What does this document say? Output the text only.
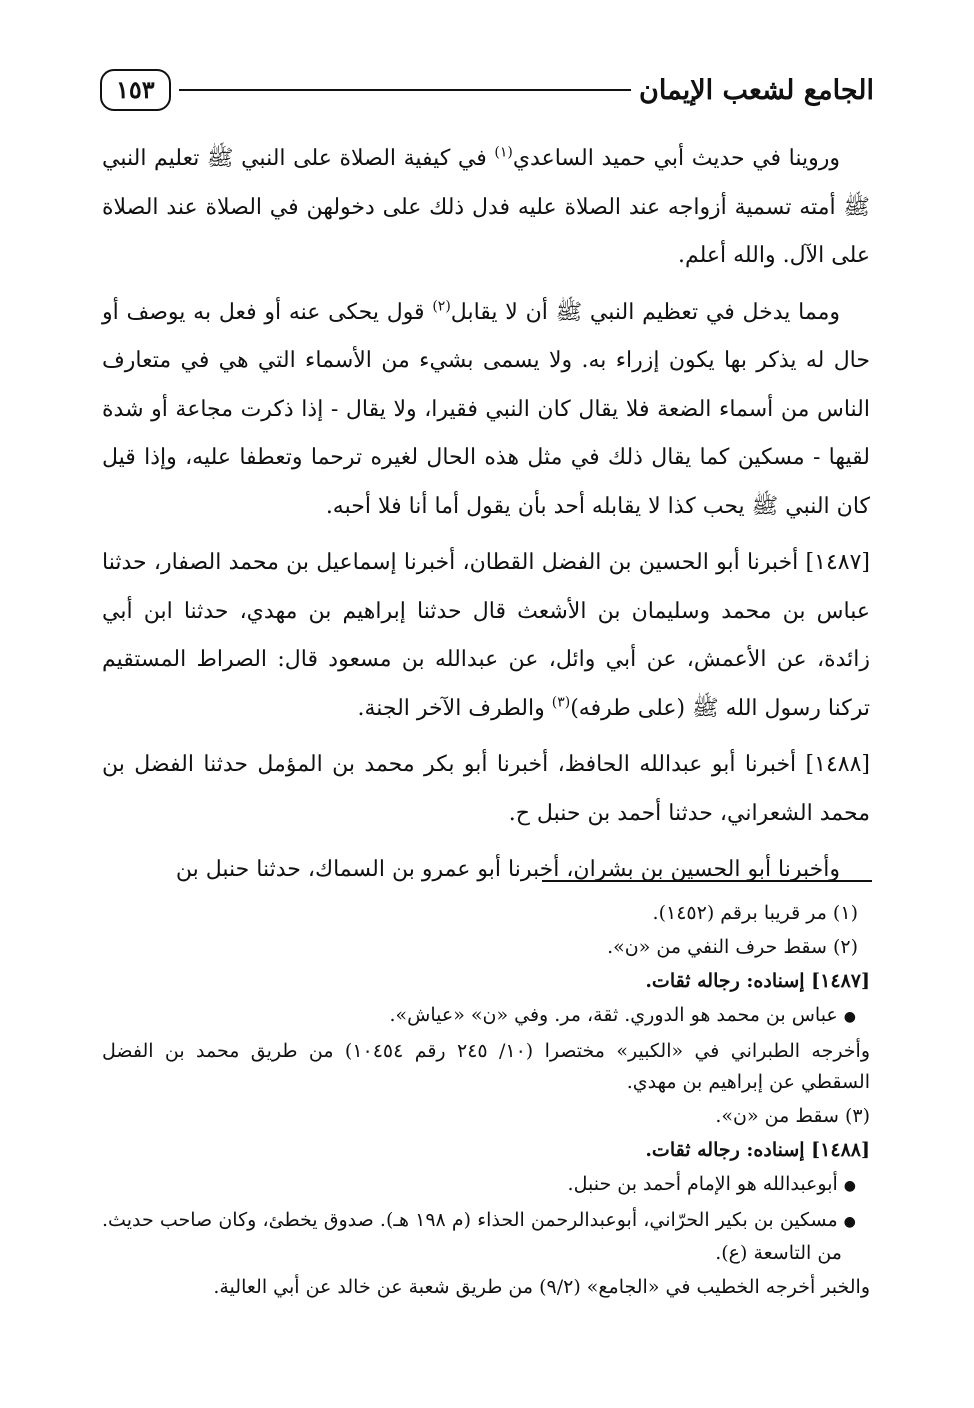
الجامع لشعب الإيمان
١٥٣

وروينا في حديث أبي حميد الساعدي$^{(١)}$ في كيفية الصلاة على النبي ﷺ تعليم النبي ﷺ أمته تسمية أزواجه عند الصلاة عليه فدل ذلك على دخولهن في الصلاة عند الصلاة على الآل. والله أعلم.

ومما يدخل في تعظيم النبي ﷺ أن لا يقابل$^{(٢)}$ قول يحكى عنه أو فعل به يوصف أو حال له يذكر بها يكون إزراء به. ولا يسمى بشيء من الأسماء التي هي في متعارف الناس من أسماء الضعة فلا يقال كان النبي فقيرا، ولا يقال - إذا ذكرت مجاعة أو شدة لقيها - مسكين كما يقال ذلك في مثل هذه الحال لغيره ترحما وتعطفا عليه، وإذا قيل كان النبي ﷺ يحب كذا لا يقابله أحد بأن يقول أما أنا فلا أحبه.

[١٤٨٧] أخبرنا أبو الحسين بن الفضل القطان، أخبرنا إسماعيل بن محمد الصفار، حدثنا عباس بن محمد وسليمان بن الأشعث قال حدثنا إبراهيم بن مهدي، حدثنا ابن أبي زائدة، عن الأعمش، عن أبي وائل، عن عبدالله بن مسعود قال: الصراط المستقيم تركنا رسول الله ﷺ (على طرفه)$^{(٣)}$ والطرف الآخر الجنة.

[١٤٨٨] أخبرنا أبو عبدالله الحافظ، أخبرنا أبو بكر محمد بن المؤمل حدثنا الفضل بن محمد الشعراني، حدثنا أحمد بن حنبل ح.

وأخبرنا أبو الحسين بن بشران، أخبرنا أبو عمرو بن السماك، حدثنا حنبل بن

(١) مر قريبا برقم (١٤٥٢).

(٢) سقط حرف النفي من «ن».

[١٤٨٧] إسناده: رجاله ثقات.

●عباس بن محمد هو الدوري. ثقة، مر. وفي «ن» «عياش».

وأخرجه الطبراني في «الكبير» مختصرا (١٠/ ٢٤٥ رقم ١٠٤٥٤) من طريق محمد بن الفضل السقطي عن إبراهيم بن مهدي.

(٣) سقط من «ن».

[١٤٨٨] إسناده: رجاله ثقات.

●أبوعبدالله هو الإمام أحمد بن حنبل.

●مسكين بن بكير الحرّاني، أبوعبدالرحمن الحذاء (م ١٩٨ هـ). صدوق يخطئ، وكان صاحب حديث. من التاسعة (ع).

والخبر أخرجه الخطيب في «الجامع» (٩/٢) من طريق شعبة عن خالد عن أبي العالية.
